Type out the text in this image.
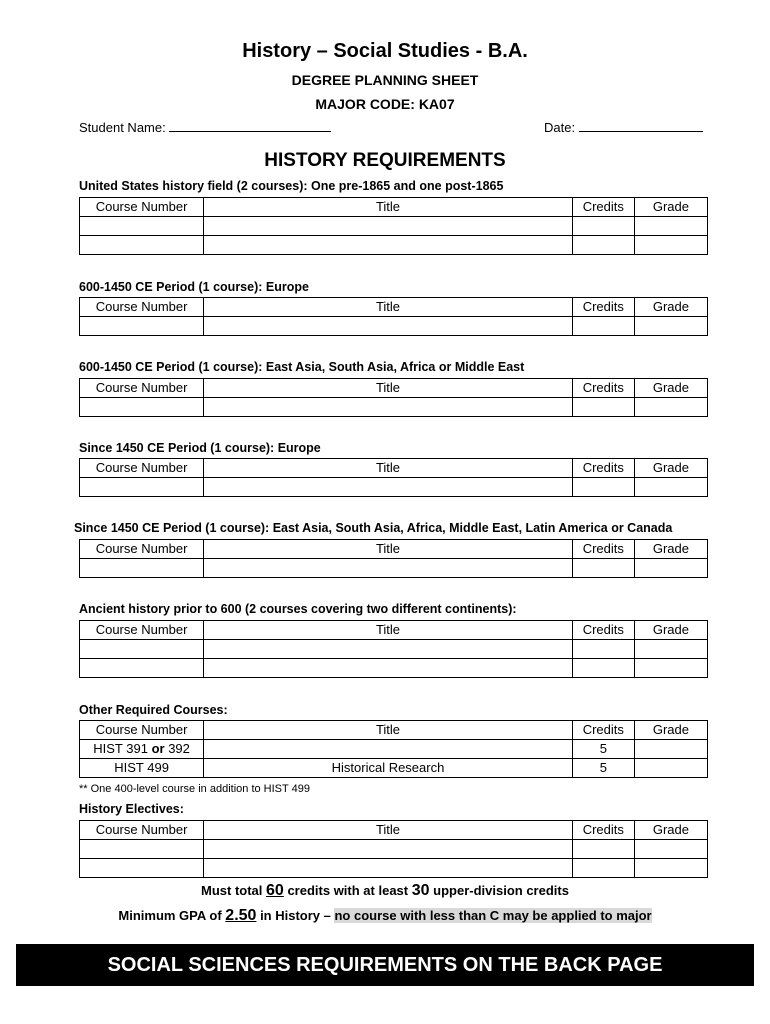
History – Social Studies - B.A.
DEGREE PLANNING SHEET
MAJOR CODE: KA07
Student Name:	Date:
HISTORY REQUIREMENTS
United States history field (2 courses): One pre-1865 and one post-1865
Course Number	Title	Credits	Grade

600-1450 CE Period (1 course): Europe
Course Number	Title	Credits	Grade

600-1450 CE Period (1 course): East Asia, South Asia, Africa or Middle East
Course Number	Title	Credits	Grade

Since 1450 CE Period (1 course): Europe
Course Number	Title	Credits	Grade

Since 1450 CE Period (1 course): East Asia, South Asia, Africa, Middle East, Latin America or Canada
Course Number	Title	Credits	Grade

Ancient history prior to 600 (2 courses covering two different continents):
Course Number	Title	Credits	Grade

Other Required Courses:
Course Number	Title	Credits	Grade
HIST 391 or 392		5	
HIST 499	Historical Research	5	
** One 400-level course in addition to HIST 499
History Electives:
Course Number	Title	Credits	Grade

Must total 60 credits with at least 30 upper-division credits
Minimum GPA of 2.50 in History – no course with less than C may be applied to major
SOCIAL SCIENCES REQUIREMENTS ON THE BACK PAGE
